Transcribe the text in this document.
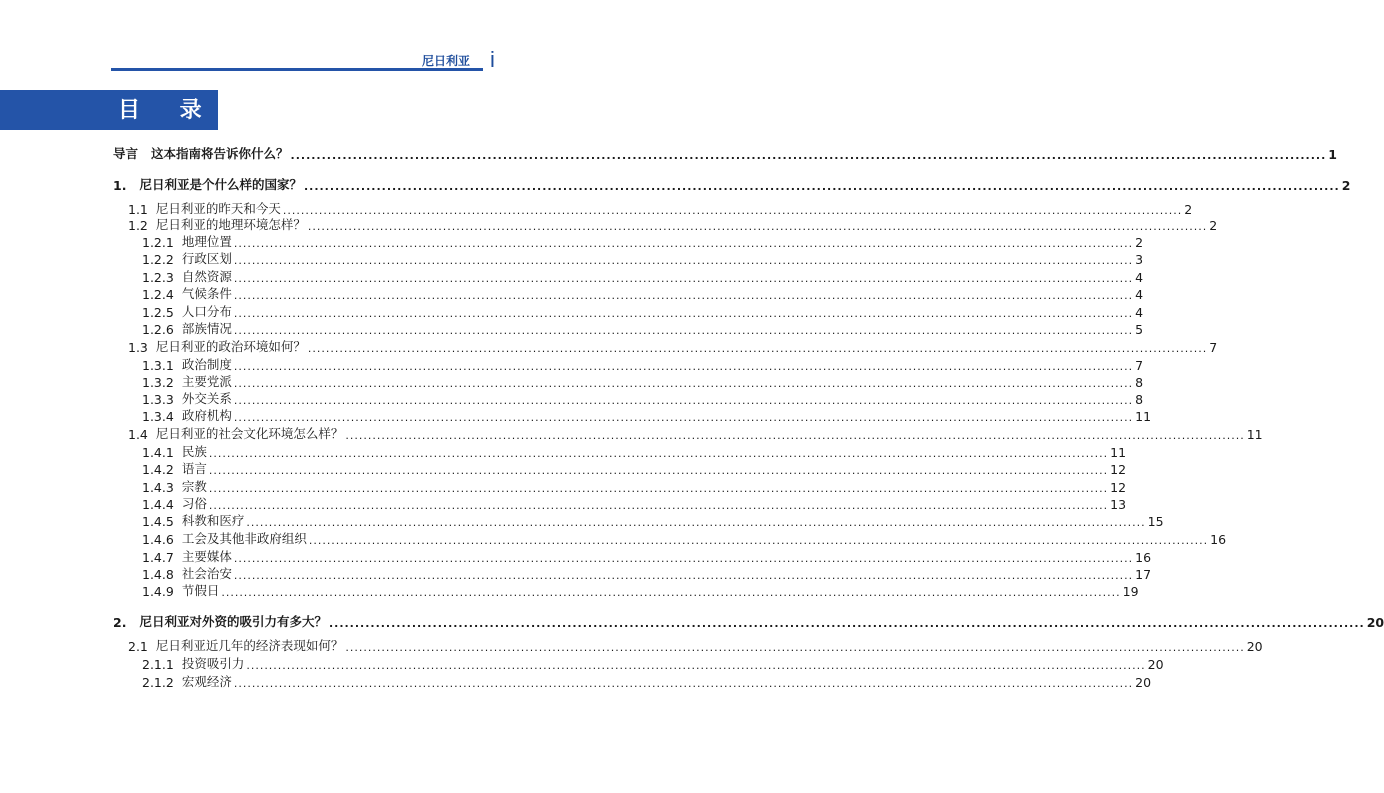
尼日利亚 i
目 录
导言 这本指南将告诉你什么？ ........................................................................................................................................................................................................ 1
1. 尼日利亚是个什么样的国家？ ........................................................................................................................................................................................................ 2
1.1 尼日利亚的昨天和今天 ........................................................................................................................................................................................................ 2
1.2 尼日利亚的地理环境怎样？ ........................................................................................................................................................................................................ 2
1.2.1 地理位置 ........................................................................................................................................................................................................ 2
1.2.2 行政区划 ........................................................................................................................................................................................................ 3
1.2.3 自然资源 ........................................................................................................................................................................................................ 4
1.2.4 气候条件 ........................................................................................................................................................................................................ 4
1.2.5 人口分布 ........................................................................................................................................................................................................ 4
1.2.6 部族情况 ........................................................................................................................................................................................................ 5
1.3 尼日利亚的政治环境如何？ ........................................................................................................................................................................................................ 7
1.3.1 政治制度 ........................................................................................................................................................................................................ 7
1.3.2 主要党派 ........................................................................................................................................................................................................ 8
1.3.3 外交关系 ........................................................................................................................................................................................................ 8
1.3.4 政府机构 ........................................................................................................................................................................................................ 11
1.4 尼日利亚的社会文化环境怎么样？ ........................................................................................................................................................................................................ 11
1.4.1 民族 ........................................................................................................................................................................................................ 11
1.4.2 语言 ........................................................................................................................................................................................................ 12
1.4.3 宗教 ........................................................................................................................................................................................................ 12
1.4.4 习俗 ........................................................................................................................................................................................................ 13
1.4.5 科教和医疗 ........................................................................................................................................................................................................ 15
1.4.6 工会及其他非政府组织 ........................................................................................................................................................................................................ 16
1.4.7 主要媒体 ........................................................................................................................................................................................................ 16
1.4.8 社会治安 ........................................................................................................................................................................................................ 17
1.4.9 节假日 ........................................................................................................................................................................................................ 19
2. 尼日利亚对外资的吸引力有多大？ ........................................................................................................................................................................................................ 20
2.1 尼日利亚近几年的经济表现如何？ ........................................................................................................................................................................................................ 20
2.1.1 投资吸引力 ........................................................................................................................................................................................................ 20
2.1.2 宏观经济 ........................................................................................................................................................................................................ 20
